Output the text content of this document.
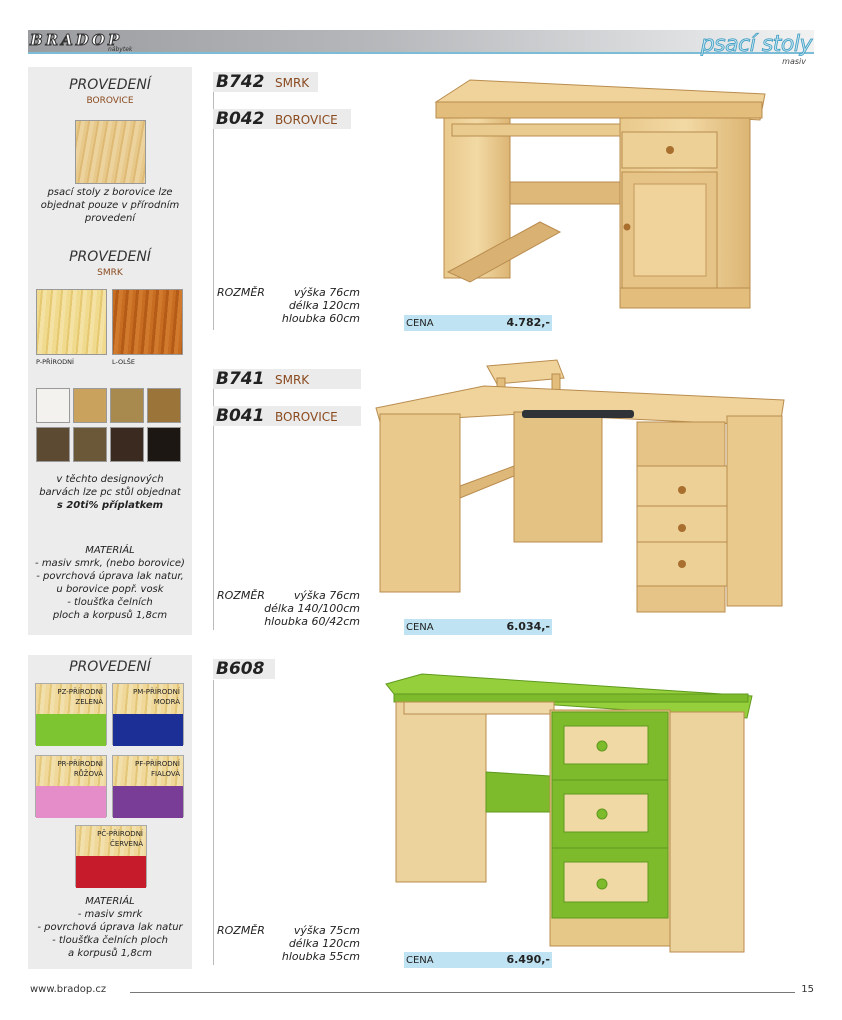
BRADOP
nábytek	psací stoly
masiv
PROVEDENÍ
BOROVICE
psací stoly z borovice lze
objednat pouze v přírodním
provedení
PROVEDENÍ
SMRK
P-PŘÍRODNÍ	L-OLŠE
v těchto designových
barvách lze pc stůl objednat
s 20ti% příplatkem
MATERIÁL
- masiv smrk, (nebo borovice)
- povrchová úprava lak natur,
u borovice popř. vosk
- tloušťka čelních
ploch a korpusů 1,8cm
PROVEDENÍ
PZ-PŘÍRODNÍ
ZELENÁ
PM-PŘÍRODNÍ
MODRÁ
PR-PŘÍRODNÍ
RŮŽOVÁ
PF-PŘÍRODNÍ
FIALOVÁ
PČ-PŘÍRODNÍ
ČERVENÁ
MATERIÁL
- masiv smrk
- povrchová úprava lak natur
- tloušťka čelních ploch
a korpusů 1,8cm
B742 SMRK
B042 BOROVICE
ROZMĚR	výška 76cm
délka 120cm
hloubka 60cm	CENA	4.782,-
B741 SMRK
B041 BOROVICE
ROZMĚR	výška 76cm
délka 140/100cm
hloubka 60/42cm	CENA	6.034,-
B608
ROZMĚR	výška 75cm
délka 120cm
hloubka 55cm	CENA	6.490,-
www.bradop.cz	15
